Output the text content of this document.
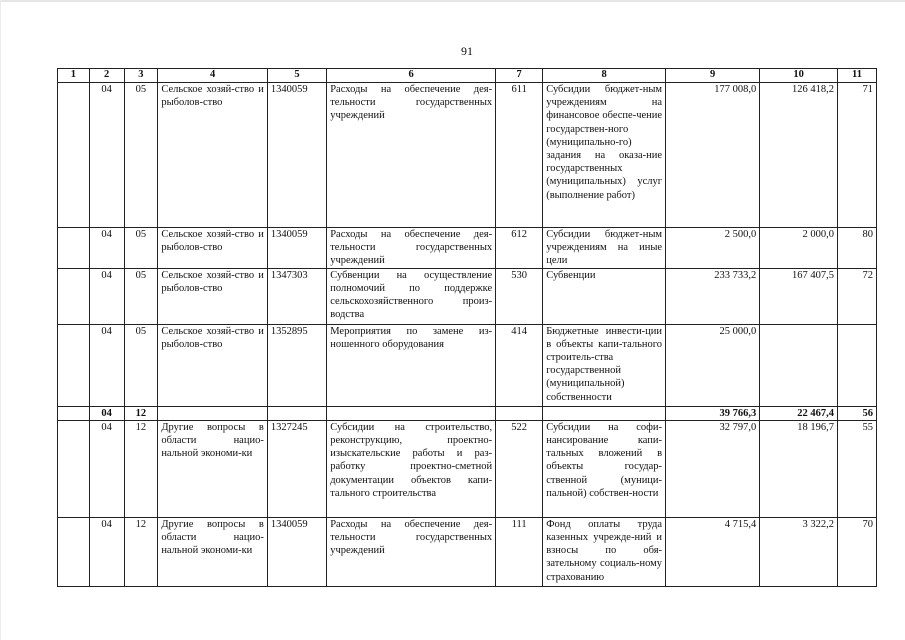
91
1	2	3	4	5	6	7	8	9	10	11
	04	05	Сельское хозяй-ство и рыболов-ство	1340059	Расходы на обеспечение дея-тельности государственных учреждений	611	Субсидии бюджет-ным учреждениям на финансовое обеспе-чение государствен-ного (муниципально-го) задания на оказа-ние государственных (муниципальных) услуг (выполнение работ)	177 008,0	126 418,2	71
	04	05	Сельское хозяй-ство и рыболов-ство	1340059	Расходы на обеспечение дея-тельности государственных учреждений	612	Субсидии бюджет-ным учреждениям на иные цели	2 500,0	2 000,0	80
	04	05	Сельское хозяй-ство и рыболов-ство	1347303	Субвенции на осуществление полномочий по поддержке сельскохозяйственного произ-водства	530	Субвенции	233 733,2	167 407,5	72
	04	05	Сельское хозяй-ство и рыболов-ство	1352895	Мероприятия по замене из-ношенного оборудования	414	Бюджетные инвести-ции в объекты капи-тального строитель-ства государственной (муниципальной) собственности	25 000,0		
	04	12						39 766,3	22 467,4	56
	04	12	Другие вопросы в области нацио-нальной экономи-ки	1327245	Субсидии на строительство, реконструкцию, проектно-изыскательские работы и раз-работку проектно-сметной документации объектов капи-тального строительства	522	Субсидии на софи-нансирование капи-тальных вложений в объекты государ-ственной (муници-пальной) собствен-ности	32 797,0	18 196,7	55
	04	12	Другие вопросы в области нацио-нальной экономи-ки	1340059	Расходы на обеспечение дея-тельности государственных учреждений	111	Фонд оплаты труда казенных учрежде-ний и взносы по обя-зательному социаль-ному страхованию	4 715,4	3 322,2	70
